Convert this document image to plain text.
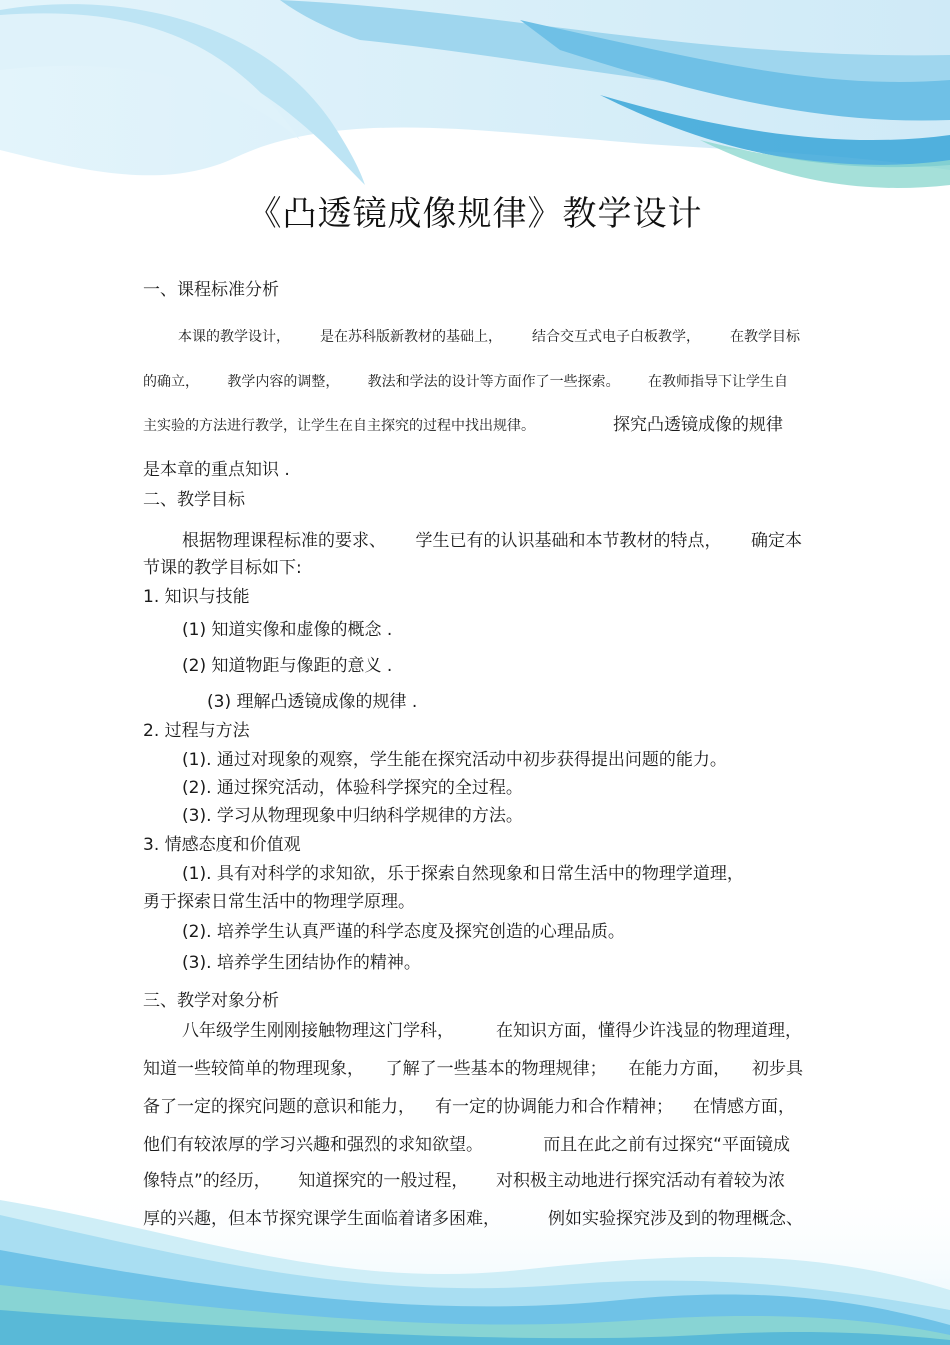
《凸透镜成像规律》教学设计
一、课程标准分析
本课的教学设计， 是在苏科版新教材的基础上， 结合交互式电子白板教学， 在教学目标
的确立， 教学内容的调整， 教法和学法的设计等方面作了一些探索。 在教师指导下让学生自
主实验的方法进行教学，让学生在自主探究的过程中找出规律。	探究凸透镜成像的规律
是本章的重点知识 .
二、教学目标
根据物理课程标准的要求、 学生已有的认识基础和本节教材的特点， 确定本
节课的教学目标如下:
1. 知识与技能
(1) 知道实像和虚像的概念 .
(2) 知道物距与像距的意义 .
(3) 理解凸透镜成像的规律 .
2. 过程与方法
(1). 通过对现象的观察，学生能在探究活动中初步获得提出问题的能力。
(2). 通过探究活动，体验科学探究的全过程。
(3). 学习从物理现象中归纳科学规律的方法。
3. 情感态度和价值观
(1). 具有对科学的求知欲，乐于探索自然现象和日常生活中的物理学道理，
勇于探索日常生活中的物理学原理。
(2). 培养学生认真严谨的科学态度及探究创造的心理品质。
(3). 培养学生团结协作的精神。
三、教学对象分析
八年级学生刚刚接触物理这门学科， 在知识方面，懂得少许浅显的物理道理，
知道一些较简单的物理现象， 了解了一些基本的物理规律； 在能力方面， 初步具
备了一定的探究问题的意识和能力， 有一定的协调能力和合作精神； 在情感方面，
他们有较浓厚的学习兴趣和强烈的求知欲望。	而且在此之前有过探究“平面镜成
像特点”的经历， 知道探究的一般过程， 对积极主动地进行探究活动有着较为浓
厚的兴趣，但本节探究课学生面临着诸多困难，	例如实验探究涉及到的物理概念、
